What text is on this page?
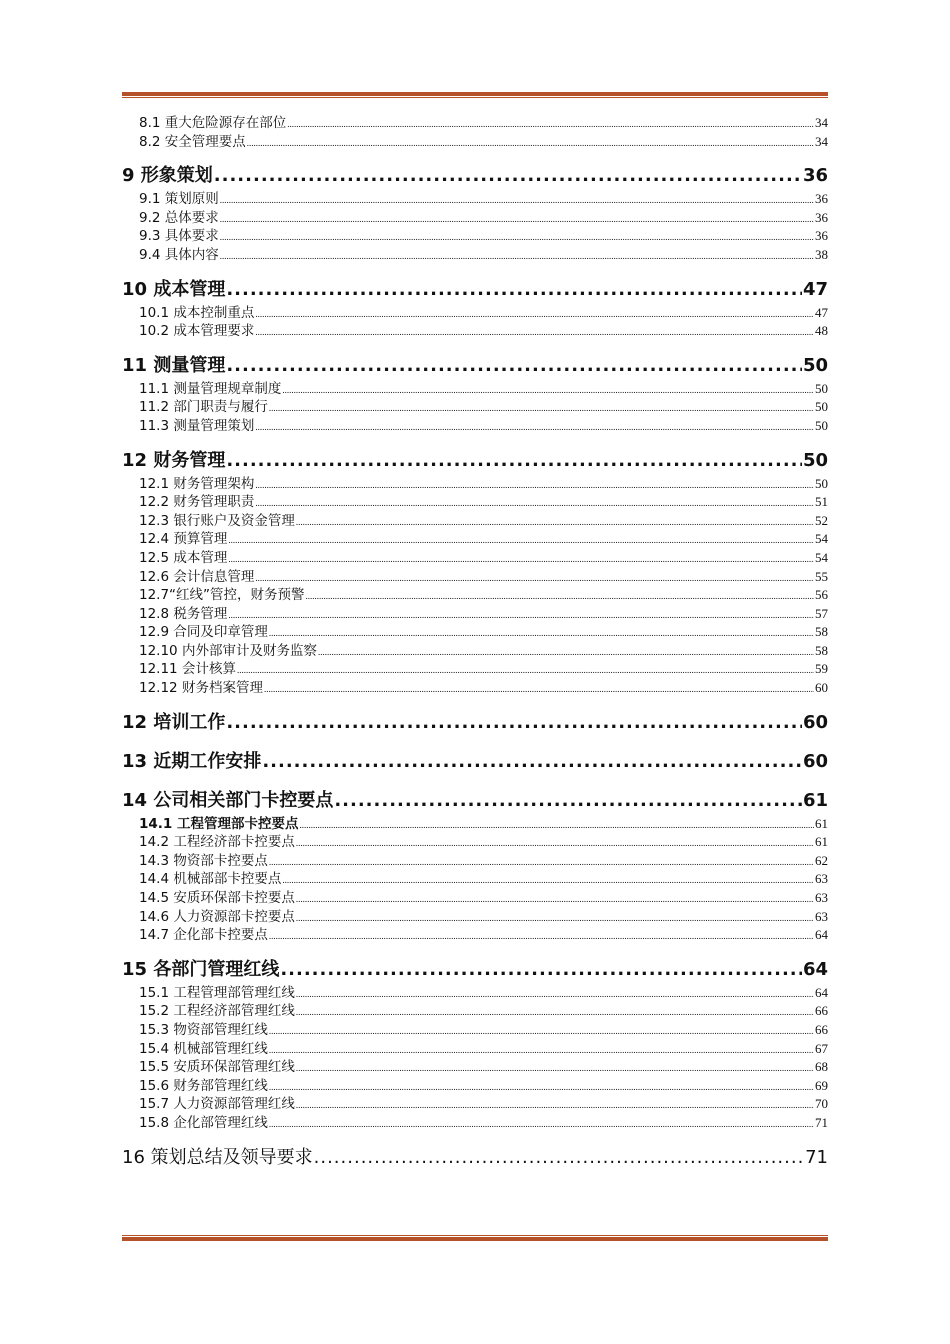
8.1 重大危险源存在部位 .....	34
8.2 安全管理要点 .....	34
9 形象策划 .....	36
9.1 策划原则 .....	36
9.2 总体要求 .....	36
9.3 具体要求 .....	36
9.4 具体内容 .....	38
10 成本管理 .....	47
10.1 成本控制重点 .....	47
10.2 成本管理要求 .....	48
11 测量管理 .....	50
11.1 测量管理规章制度 .....	50
11.2 部门职责与履行 .....	50
11.3 测量管理策划 .....	50
12 财务管理 .....	50
12.1 财务管理架构 .....	50
12.2 财务管理职责 .....	51
12.3 银行账户及资金管理 .....	52
12.4 预算管理 .....	54
12.5 成本管理 .....	54
12.6 会计信息管理 .....	55
12.7“红线”管控，财务预警 .....	56
12.8 税务管理 .....	57
12.9 合同及印章管理 .....	58
12.10 内外部审计及财务监察 .....	58
12.11 会计核算 .....	59
12.12 财务档案管理 .....	60
12 培训工作 .....	60
13 近期工作安排 .....	60
14 公司相关部门卡控要点 .....	61
14.1 工程管理部卡控要点 .....	61
14.2 工程经济部卡控要点 .....	61
14.3 物资部卡控要点 .....	62
14.4 机械部部卡控要点 .....	63
14.5 安质环保部卡控要点 .....	63
14.6 人力资源部卡控要点 .....	63
14.7 企化部卡控要点 .....	64
15 各部门管理红线 .....	64
15.1 工程管理部管理红线 .....	64
15.2 工程经济部管理红线 .....	66
15.3 物资部管理红线 .....	66
15.4 机械部管理红线 .....	67
15.5 安质环保部管理红线 .....	68
15.6 财务部管理红线 .....	69
15.7 人力资源部管理红线 .....	70
15.8 企化部管理红线 .....	71
16 策划总结及领导要求 .....	71
